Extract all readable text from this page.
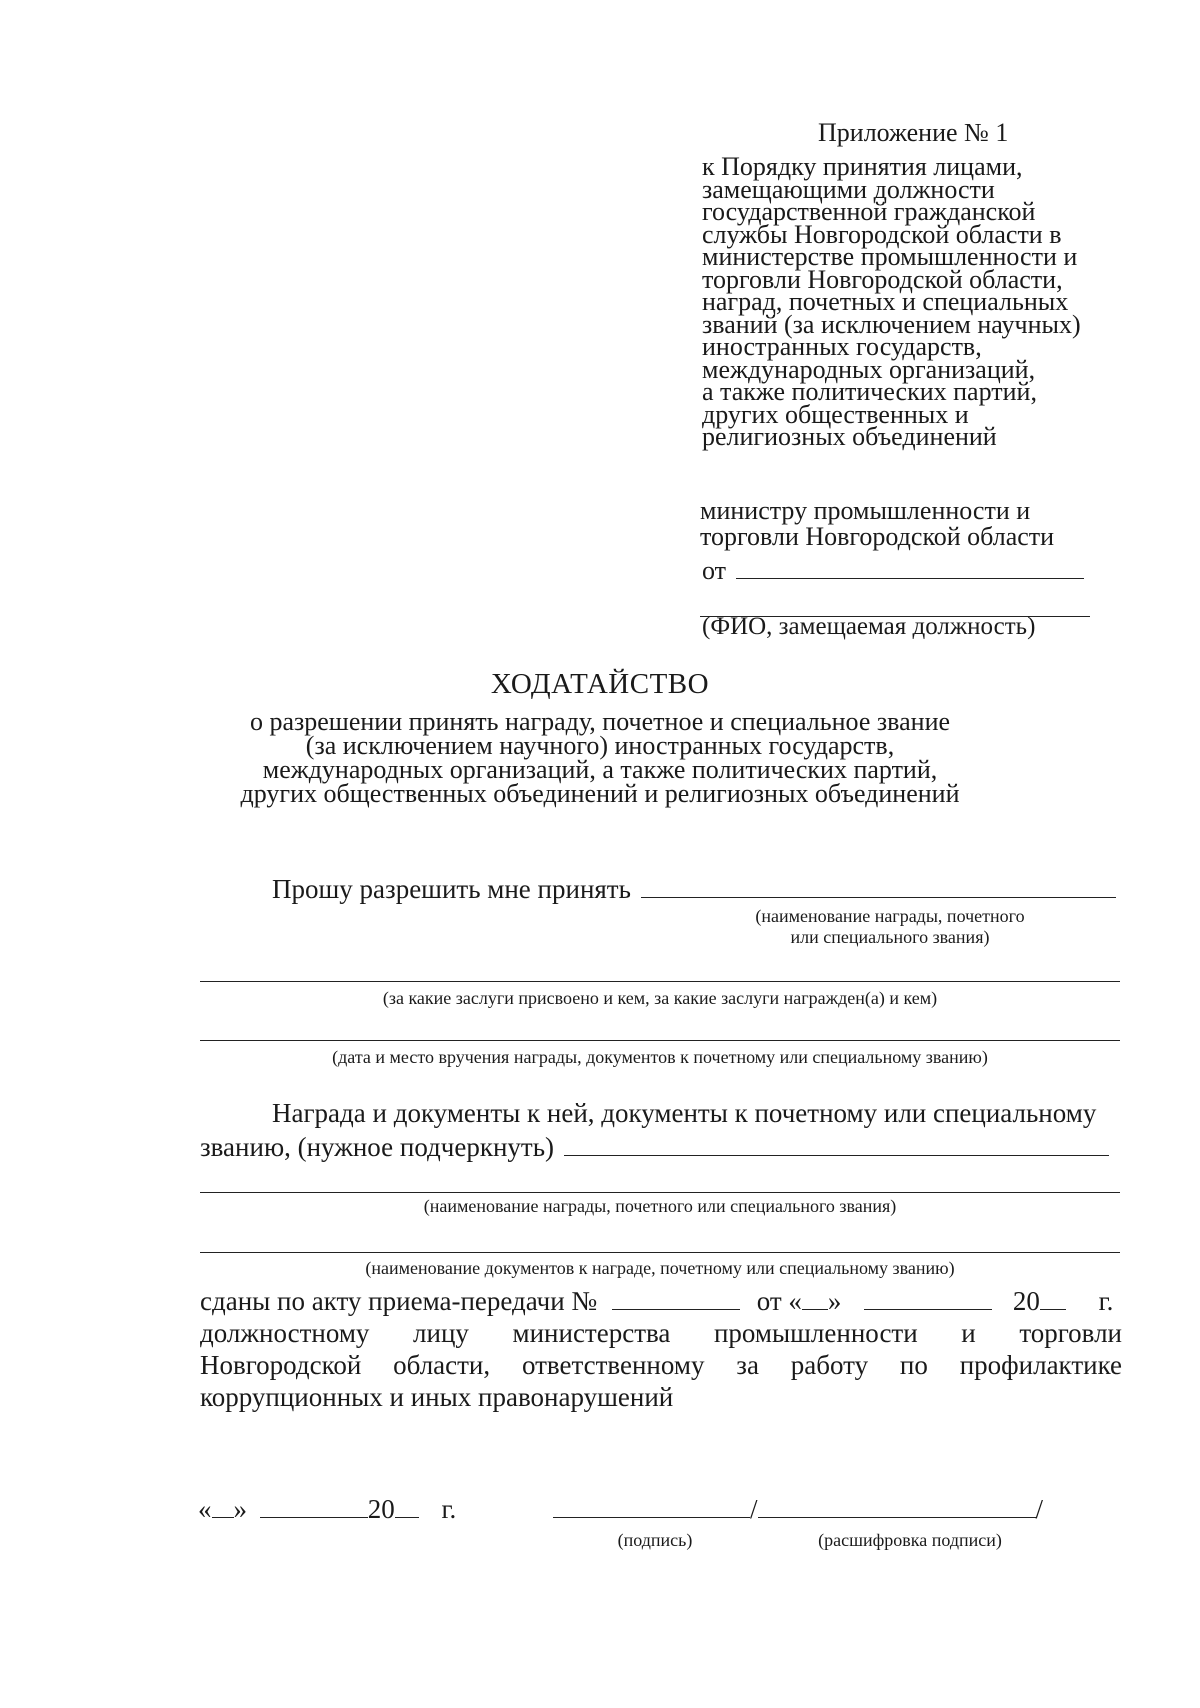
Приложение № 1
к Порядку принятия лицами,
замещающими должности
государственной гражданской
службы Новгородской области в
министерстве промышленности и
торговли Новгородской области,
наград, почетных и специальных
званий (за исключением научных)
иностранных государств,
международных организаций,
а также политических партий,
других общественных и
религиозных объединений
министру промышленности и
торговли Новгородской области
от
(ФИО, замещаемая должность)
ХОДАТАЙСТВО
о разрешении принять награду, почетное и специальное звание
(за исключением научного) иностранных государств,
международных организаций, а также политических партий,
других общественных объединений и религиозных объединений
Прошу разрешить мне принять
(наименование награды, почетного
или специального звания)
(за какие заслуги присвоено и кем, за какие заслуги награжден(а) и кем)
(дата и место вручения награды, документов к почетному или специальному званию)
Награда и документы к ней, документы к почетному или специальному
званию, (нужное подчеркнуть)
(наименование награды, почетного или специального звания)
(наименование документов к награде, почетному или специальному званию)
сданы по акту приема-передачи №	от « »	20 г.
должностному лицу министерства промышленности и торговли
Новгородской области, ответственному за работу по профилактике
коррупционных и иных правонарушений
« »	20 г.	/	/
(подпись)	(расшифровка подписи)
